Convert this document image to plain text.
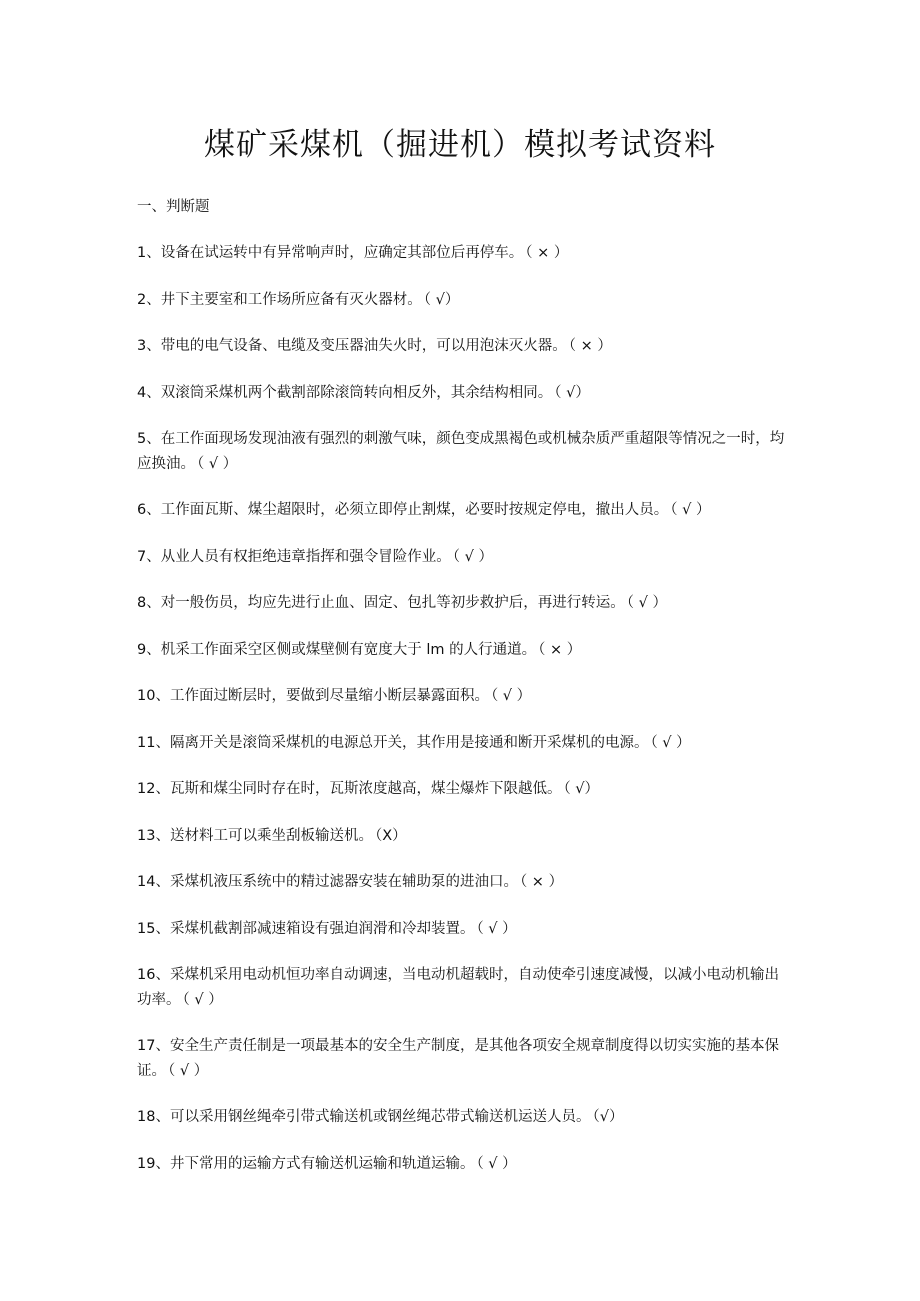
煤矿采煤机（掘进机）模拟考试资料
一、判断题
1、设备在试运转中有异常响声时，应确定其部位后再停车。 （ × ）
2、井下主要室和工作场所应备有灭火器材。 （ √）
3、带电的电气设备、电缆及变压器油失火时，可以用泡沫灭火器。 （ × ）
4、双滚筒采煤机两个截割部除滚筒转向相反外，其余结构相同。 （ √）
5、在工作面现场发现油液有强烈的刺激气味，颜色变成黑褐色或机械杂质严重超限等情况之一时，均应换油。 （ √ ）
6、工作面瓦斯、煤尘超限时，必须立即停止割煤，必要时按规定停电，撤出人员。 （ √ ）
7、从业人员有权拒绝违章指挥和强令冒险作业。 （ √ ）
8、对一般伤员，均应先进行止血、固定、包扎等初步救护后，再进行转运。 （ √ ）
9、机采工作面采空区侧或煤壁侧有宽度大于 lm 的人行通道。 （ × ）
10、工作面过断层时，要做到尽量缩小断层暴露面积。 （ √ ）
11、隔离开关是滚筒采煤机的电源总开关，其作用是接通和断开采煤机的电源。 （ √ ）
12、瓦斯和煤尘同时存在时，瓦斯浓度越高，煤尘爆炸下限越低。 （ √）
13、送材料工可以乘坐刮板输送机。 （X）
14、采煤机液压系统中的精过滤器安装在辅助泵的进油口。 （ × ）
15、采煤机截割部减速箱设有强迫润滑和冷却装置。 （ √ ）
16、采煤机采用电动机恒功率自动调速，当电动机超载时，自动使牵引速度减慢，以减小电动机输出功率。 （ √ ）
17、安全生产责任制是一项最基本的安全生产制度，是其他各项安全规章制度得以切实实施的基本保证。 （ √ ）
18、可以采用钢丝绳牵引带式输送机或钢丝绳芯带式输送机运送人员。 （√）
19、井下常用的运输方式有输送机运输和轨道运输。 （ √ ）
